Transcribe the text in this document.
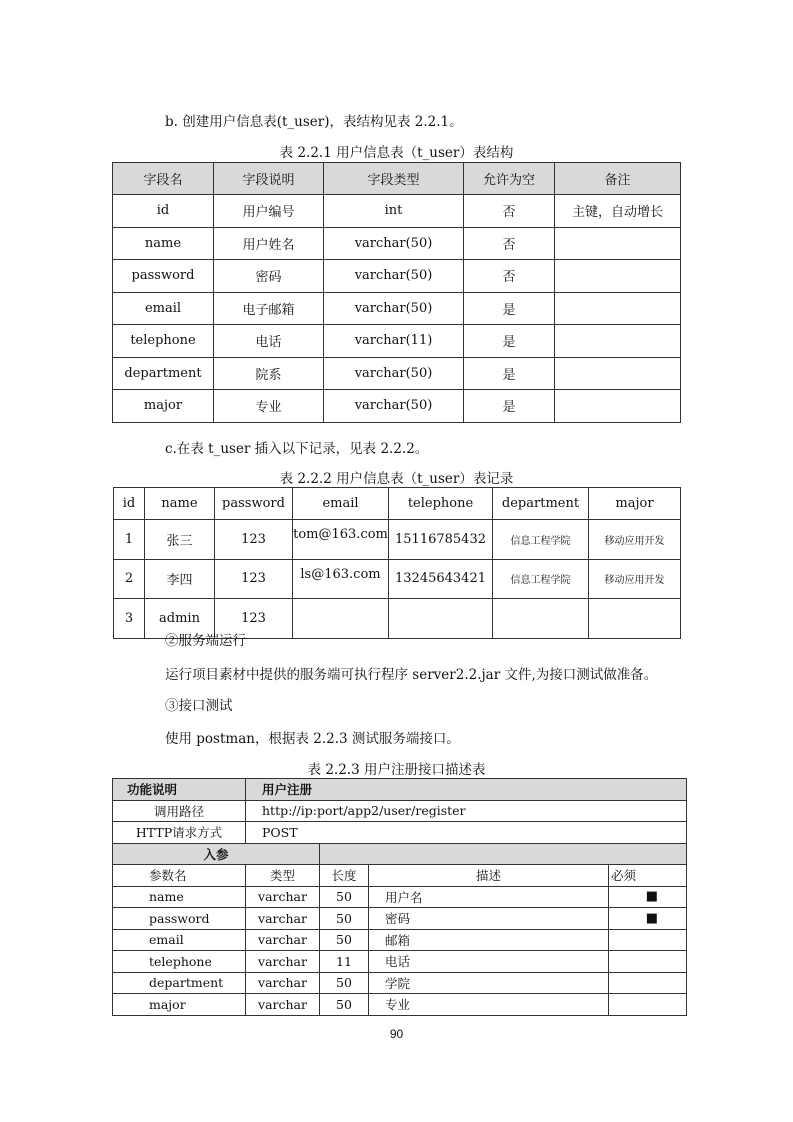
b. 创建用户信息表(t_user)，表结构见表 2.2.1。
表 2.2.1 用户信息表（t_user）表结构
字段名	字段说明	字段类型	允许为空	备注
id	用户编号	int	否	主键，自动增长
name	用户姓名	varchar(50)	否	
password	密码	varchar(50)	否	
email	电子邮箱	varchar(50)	是	
telephone	电话	varchar(11)	是	
department	院系	varchar(50)	是	
major	专业	varchar(50)	是	
c.在表 t_user 插入以下记录，见表 2.2.2。
表 2.2.2 用户信息表（t_user）表记录
id	name	password	email	telephone	department	major
1	张三	123	tom@163.com	15116785432	信息工程学院	移动应用开发
2	李四	123	ls@163.com	13245643421	信息工程学院	移动应用开发
3	admin	123				
②服务端运行
运行项目素材中提供的服务端可执行程序 server2.2.jar 文件,为接口测试做准备。
③接口测试
使用 postman，根据表 2.2.3 测试服务端接口。
表 2.2.3 用户注册接口描述表
功能说明	用户注册			
调用路径	http://ip:port/app2/user/register			
HTTP请求方式	POST			
入参				
参数名	类型	长度	描述	必须
name	varchar	50	用户名	■
password	varchar	50	密码	■
email	varchar	50	邮箱	
telephone	varchar	11	电话	
department	varchar	50	学院	
major	varchar	50	专业	
90
